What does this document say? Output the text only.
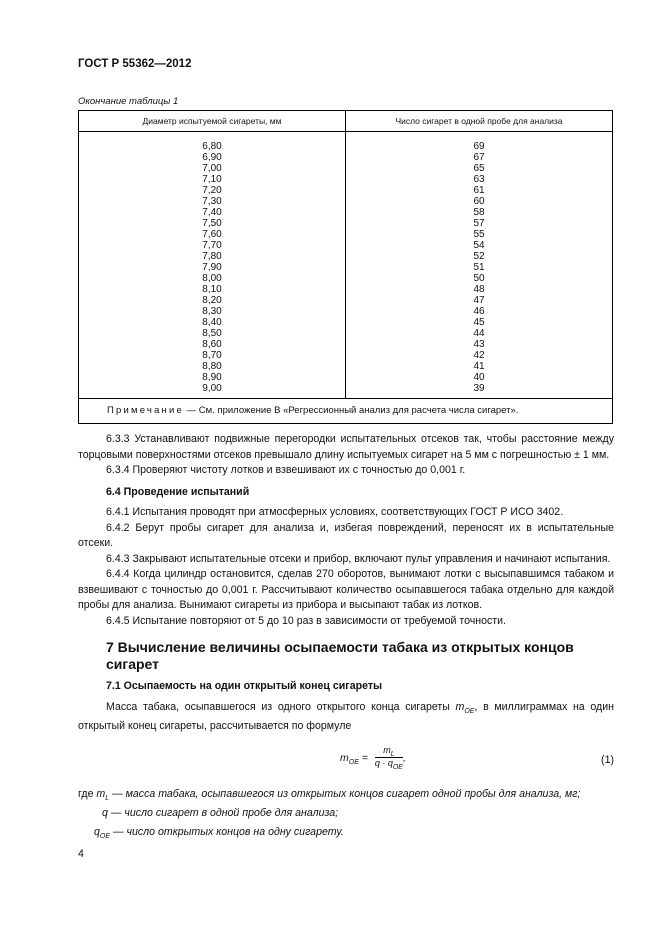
ГОСТ Р 55362—2012
Окончание таблицы 1
Диаметр испытуемой сигареты, мм	Число сигарет в одной пробе для анализа
6,80
6,90
7,00
7,10
7,20
7,30
7,40
7,50
7,60
7,70
7,80
7,90
8,00
8,10
8,20
8,30
8,40
8,50
8,60
8,70
8,80
8,90
9,00
69
67
65
63
61
60
58
57
55
54
52
51
50
48
47
46
45
44
43
42
41
40
39
Примечание — См. приложение В «Регрессионный анализ для расчета числа сигарет».
6.3.3 Устанавливают подвижные перегородки испытательных отсеков так, чтобы расстояние между торцовыми поверхностями отсеков превышало длину испытуемых сигарет на 5 мм с погрешностью ± 1 мм.
6.3.4 Проверяют чистоту лотков и взвешивают их с точностью до 0,001 г.
6.4 Проведение испытаний
6.4.1 Испытания проводят при атмосферных условиях, соответствующих ГОСТ Р ИСО 3402.
6.4.2 Берут пробы сигарет для анализа и, избегая повреждений, переносят их в испытательные отсеки.
6.4.3 Закрывают испытательные отсеки и прибор, включают пульт управления и начинают испытания.
6.4.4 Когда цилиндр остановится, сделав 270 оборотов, вынимают лотки с высыпавшимся табаком и взвешивают с точностью до 0,001 г. Рассчитывают количество осыпавшегося табака отдельно для каждой пробы для анализа. Вынимают сигареты из прибора и высыпают табак из лотков.
6.4.5 Испытание повторяют от 5 до 10 раз в зависимости от требуемой точности.
7 Вычисление величины осыпаемости табака из открытых концов сигарет
7.1 Осыпаемость на один открытый конец сигареты
Масса табака, осыпавшегося из одного открытого конца сигареты $m_{OE}$, в миллиграммах на один открытый конец сигареты, рассчитывается по формуле
$m_{OE} = \frac{m_L}{q \cdot q_{OE}}$ ,	(1)
где $m_L$ — масса табака, осыпавшегося из открытых концов сигарет одной пробы для анализа, мг;
q — число сигарет в одной пробе для анализа;
$q_{OE}$ — число открытых концов на одну сигарету.
4
